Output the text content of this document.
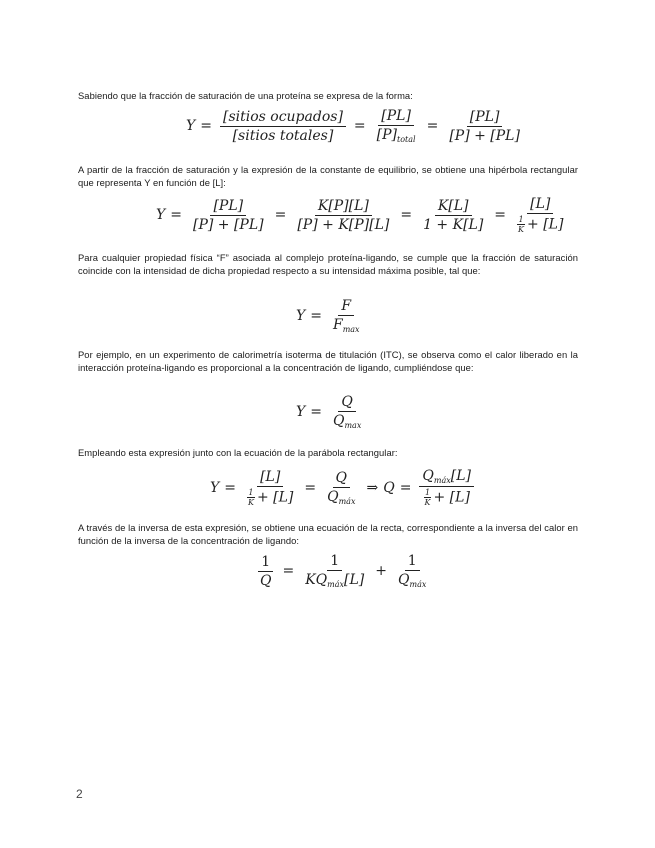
Sabiendo que la fracción de saturación de una proteína se expresa de la forma:
$Y = \frac{\text{[sitios ocupados]}}{\text{[sitios totales]}} = \frac{[PL]}{[P]_{total}} = \frac{[PL]}{[P] + [PL]}$
A partir de la fracción de saturación y la expresión de la constante de equilibrio, se obtiene una hipérbola rectangular que representa Y en función de [L]:
$Y = \frac{[PL]}{[P] + [PL]} = \frac{K[P][L]}{[P] + K[P][L]} = \frac{K[L]}{1 + K[L]} = \frac{[L]}{\frac{1}{K} + [L]}$
Para cualquier propiedad física “F” asociada al complejo proteína-ligando, se cumple que la fracción de saturación coincide con la intensidad de dicha propiedad respecto a su intensidad máxima posible, tal que:
$Y = \frac{F}{F_{max}}$
Por ejemplo, en un experimento de calorimetría isoterma de titulación (ITC), se observa como el calor liberado en la interacción proteína-ligando es proporcional a la concentración de ligando, cumpliéndose que:
$Y = \frac{Q}{Q_{max}}$
Empleando esta expresión junto con la ecuación de la parábola rectangular:
$Y = \frac{[L]}{\frac{1}{K} + [L]} = \frac{Q}{Q_{máx}}$ ⇒ $Q = \frac{Q_{máx}[L]}{\frac{1}{K} + [L]}$
A través de la inversa de esta expresión, se obtiene una ecuación de la recta, correspondiente a la inversa del calor en función de la inversa de la concentración de ligando:
$\frac{1}{Q} = \frac{1}{KQ_{máx}[L]} + \frac{1}{Q_{máx}}$
2
